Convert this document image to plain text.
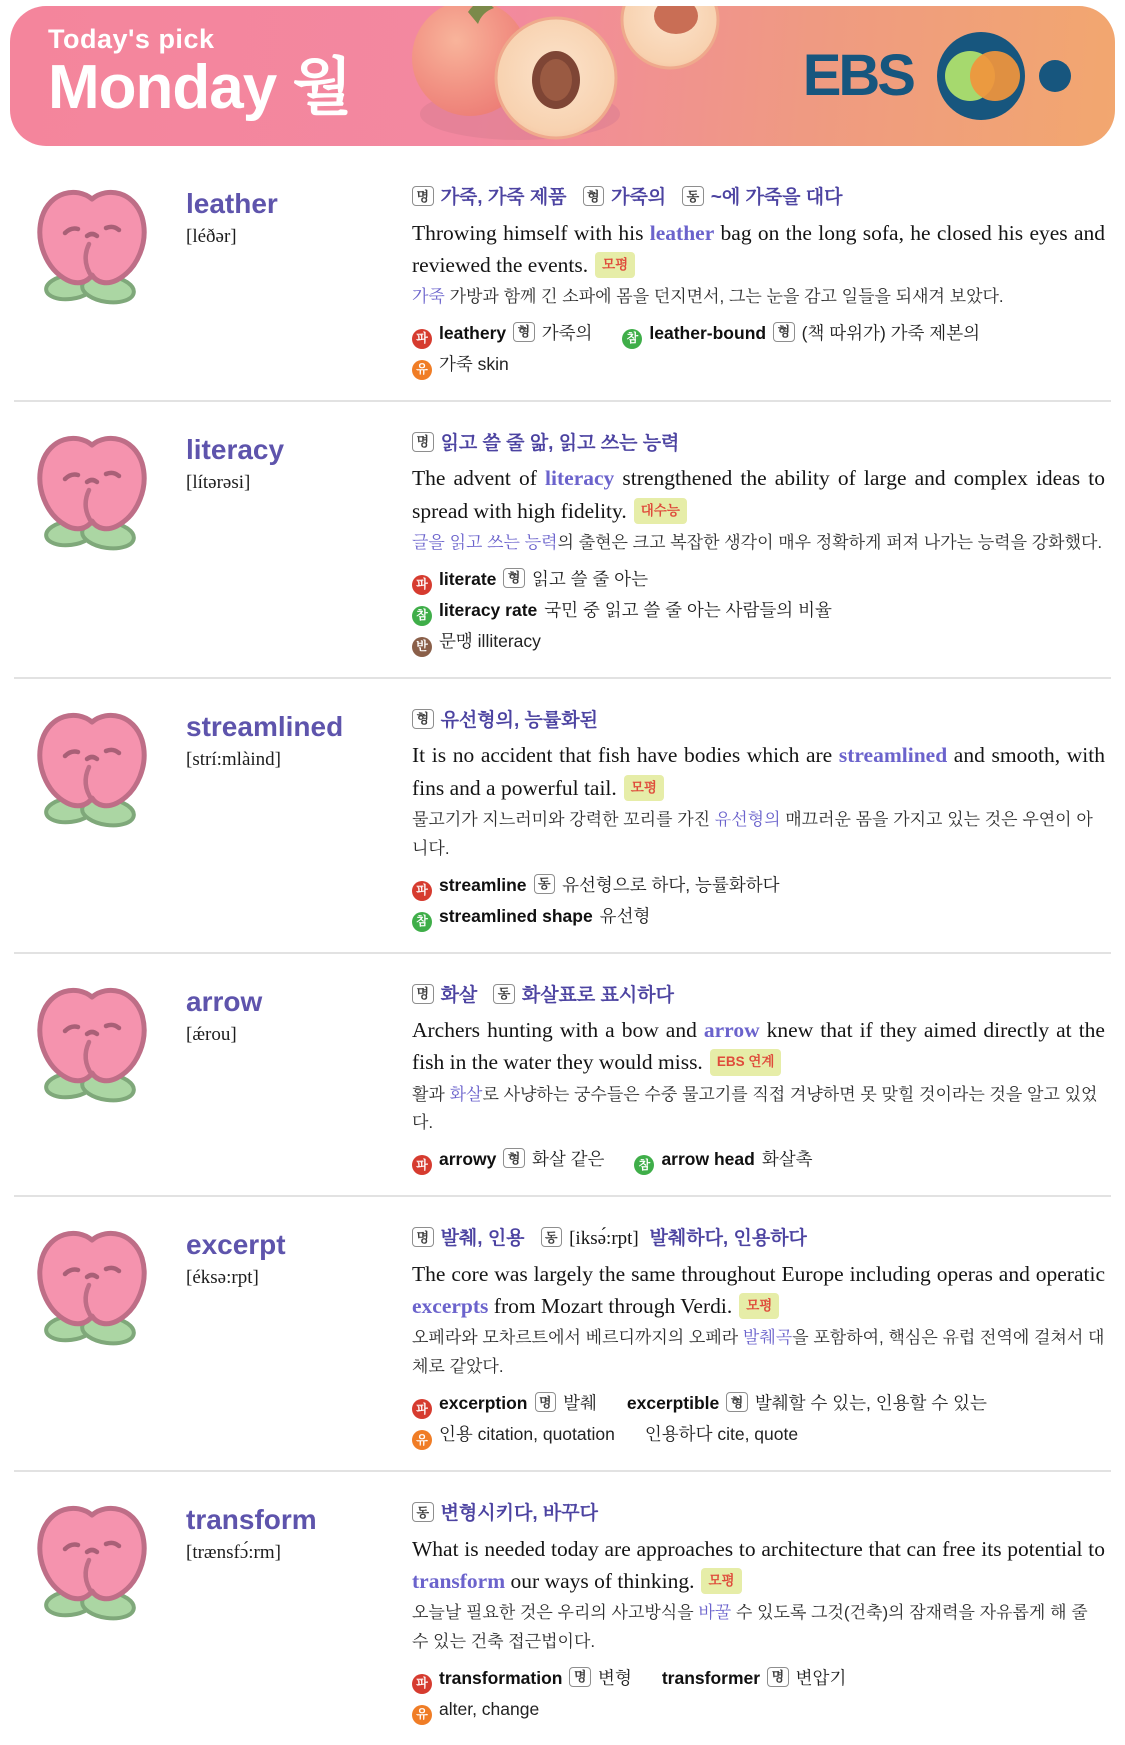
Today's pick
Monday 월	EBS
leather
[léðər]
명 가죽, 가죽 제품 형 가죽의 동 ~에 가죽을 대다

Throwing himself with his leather bag on the long sofa, he closed his eyes and reviewed the events. 모평

가죽 가방과 함께 긴 소파에 몸을 던지면서, 그는 눈을 감고 일들을 되새겨 보았다.

파 leathery 형 가죽의	참 leather-bound 형 (책 따위가) 가죽 제본의
유 가죽 skin
literacy
[lítərəsi]
명 읽고 쓸 줄 앎, 읽고 쓰는 능력

The advent of literacy strengthened the ability of large and complex ideas to spread with high fidelity. 대수능

글을 읽고 쓰는 능력의 출현은 크고 복잡한 생각이 매우 정확하게 퍼져 나가는 능력을 강화했다.

파 literate 형 읽고 쓸 줄 아는
참 literacy rate 국민 중 읽고 쓸 줄 아는 사람들의 비율
반 문맹 illiteracy
streamlined
[strí:mlàind]
형 유선형의, 능률화된

It is no accident that fish have bodies which are streamlined and smooth, with fins and a powerful tail. 모평

물고기가 지느러미와 강력한 꼬리를 가진 유선형의 매끄러운 몸을 가지고 있는 것은 우연이 아니다.

파 streamline 동 유선형으로 하다, 능률화하다
참 streamlined shape 유선형
arrow
[ǽrou]
명 화살 동 화살표로 표시하다

Archers hunting with a bow and arrow knew that if they aimed directly at the fish in the water they would miss. EBS 연계

활과 화살로 사냥하는 궁수들은 수중 물고기를 직접 겨냥하면 못 맞힐 것이라는 것을 알고 있었다.

파 arrowy 형 화살 같은	참 arrow head 화살촉
excerpt
[éksə:rpt]
명 발췌, 인용 동 [iksə́:rpt] 발췌하다, 인용하다

The core was largely the same throughout Europe including operas and operatic excerpts from Mozart through Verdi. 모평

오페라와 모차르트에서 베르디까지의 오페라 발췌곡을 포함하여, 핵심은 유럽 전역에 걸쳐서 대체로 같았다.

파 excerption 명 발췌 excerptible 형 발췌할 수 있는, 인용할 수 있는
유 인용 citation, quotation 인용하다 cite, quote
transform
[trænsfɔ́:rm]
동 변형시키다, 바꾸다

What is needed today are approaches to architecture that can free its potential to transform our ways of thinking. 모평

오늘날 필요한 것은 우리의 사고방식을 바꿀 수 있도록 그것(건축)의 잠재력을 자유롭게 해 줄 수 있는 건축 접근법이다.

파 transformation 명 변형 transformer 명 변압기
유 alter, change
